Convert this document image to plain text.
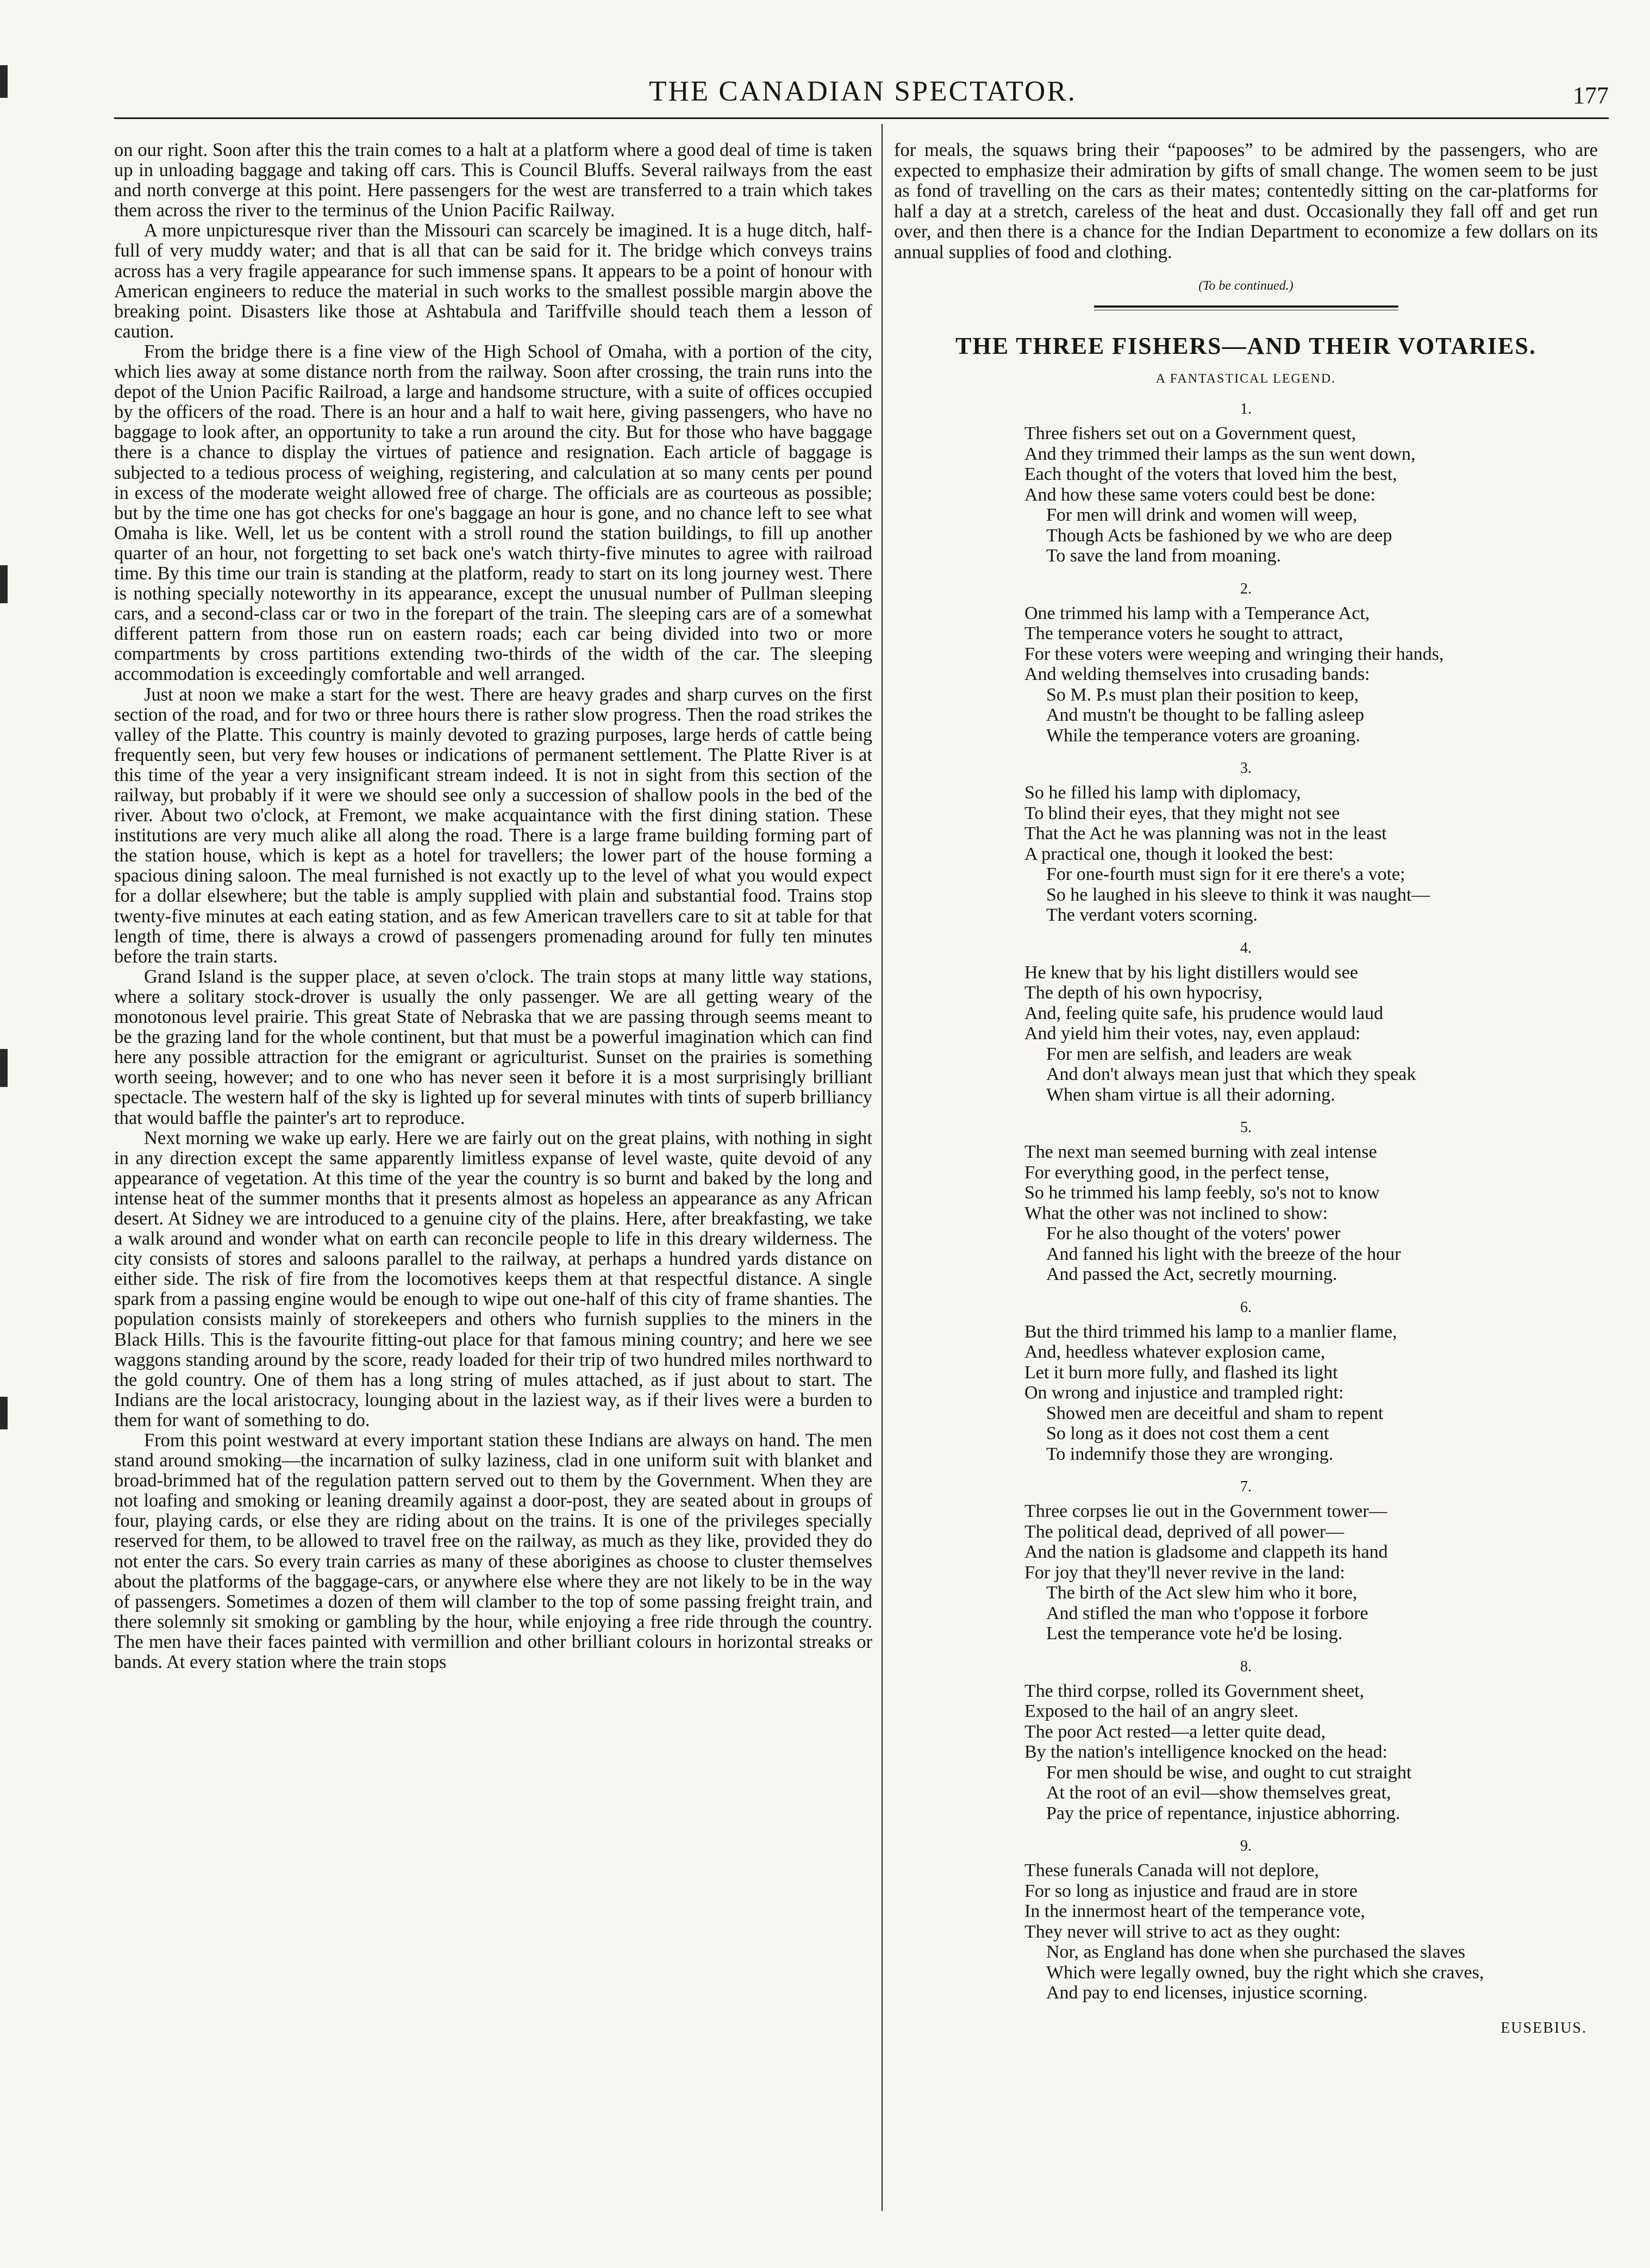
THE CANADIAN SPECTATOR.	177

on our right. Soon after this the train comes to a halt at a platform where a good deal of time is taken up in unloading baggage and taking off cars. This is Council Bluffs. Several railways from the east and north converge at this point. Here passengers for the west are transferred to a train which takes them across the river to the terminus of the Union Pacific Railway.

A more unpicturesque river than the Missouri can scarcely be imagined. It is a huge ditch, half-full of very muddy water; and that is all that can be said for it. The bridge which conveys trains across has a very fragile appearance for such immense spans. It appears to be a point of honour with American engineers to reduce the material in such works to the smallest possible margin above the breaking point. Disasters like those at Ashtabula and Tariffville should teach them a lesson of caution.

From the bridge there is a fine view of the High School of Omaha, with a portion of the city, which lies away at some distance north from the railway. Soon after crossing, the train runs into the depot of the Union Pacific Railroad, a large and handsome structure, with a suite of offices occupied by the officers of the road. There is an hour and a half to wait here, giving passengers, who have no baggage to look after, an opportunity to take a run around the city. But for those who have baggage there is a chance to display the virtues of patience and resignation. Each article of baggage is subjected to a tedious process of weighing, registering, and calculation at so many cents per pound in excess of the moderate weight allowed free of charge. The officials are as courteous as possible; but by the time one has got checks for one's baggage an hour is gone, and no chance left to see what Omaha is like. Well, let us be content with a stroll round the station buildings, to fill up another quarter of an hour, not forgetting to set back one's watch thirty-five minutes to agree with railroad time. By this time our train is standing at the platform, ready to start on its long journey west. There is nothing specially noteworthy in its appearance, except the unusual number of Pullman sleeping cars, and a second-class car or two in the forepart of the train. The sleeping cars are of a somewhat different pattern from those run on eastern roads; each car being divided into two or more compartments by cross partitions extending two-thirds of the width of the car. The sleeping accommodation is exceedingly comfortable and well arranged.

Just at noon we make a start for the west. There are heavy grades and sharp curves on the first section of the road, and for two or three hours there is rather slow progress. Then the road strikes the valley of the Platte. This country is mainly devoted to grazing purposes, large herds of cattle being frequently seen, but very few houses or indications of permanent settlement. The Platte River is at this time of the year a very insignificant stream indeed. It is not in sight from this section of the railway, but probably if it were we should see only a succession of shallow pools in the bed of the river. About two o'clock, at Fremont, we make acquaintance with the first dining station. These institutions are very much alike all along the road. There is a large frame building forming part of the station house, which is kept as a hotel for travellers; the lower part of the house forming a spacious dining saloon. The meal furnished is not exactly up to the level of what you would expect for a dollar elsewhere; but the table is amply supplied with plain and substantial food. Trains stop twenty-five minutes at each eating station, and as few American travellers care to sit at table for that length of time, there is always a crowd of passengers promenading around for fully ten minutes before the train starts.

Grand Island is the supper place, at seven o'clock. The train stops at many little way stations, where a solitary stock-drover is usually the only passenger. We are all getting weary of the monotonous level prairie. This great State of Nebraska that we are passing through seems meant to be the grazing land for the whole continent, but that must be a powerful imagination which can find here any possible attraction for the emigrant or agriculturist. Sunset on the prairies is something worth seeing, however; and to one who has never seen it before it is a most surprisingly brilliant spectacle. The western half of the sky is lighted up for several minutes with tints of superb brilliancy that would baffle the painter's art to reproduce.

Next morning we wake up early. Here we are fairly out on the great plains, with nothing in sight in any direction except the same apparently limitless expanse of level waste, quite devoid of any appearance of vegetation. At this time of the year the country is so burnt and baked by the long and intense heat of the summer months that it presents almost as hopeless an appearance as any African desert. At Sidney we are introduced to a genuine city of the plains. Here, after breakfasting, we take a walk around and wonder what on earth can reconcile people to life in this dreary wilderness. The city consists of stores and saloons parallel to the railway, at perhaps a hundred yards distance on either side. The risk of fire from the locomotives keeps them at that respectful distance. A single spark from a passing engine would be enough to wipe out one-half of this city of frame shanties. The population consists mainly of storekeepers and others who furnish supplies to the miners in the Black Hills. This is the favourite fitting-out place for that famous mining country; and here we see waggons standing around by the score, ready loaded for their trip of two hundred miles northward to the gold country. One of them has a long string of mules attached, as if just about to start. The Indians are the local aristocracy, lounging about in the laziest way, as if their lives were a burden to them for want of something to do.

From this point westward at every important station these Indians are always on hand. The men stand around smoking—the incarnation of sulky laziness, clad in one uniform suit with blanket and broad-brimmed hat of the regulation pattern served out to them by the Government. When they are not loafing and smoking or leaning dreamily against a door-post, they are seated about in groups of four, playing cards, or else they are riding about on the trains. It is one of the privileges specially reserved for them, to be allowed to travel free on the railway, as much as they like, provided they do not enter the cars. So every train carries as many of these aborigines as choose to cluster themselves about the platforms of the baggage-cars, or anywhere else where they are not likely to be in the way of passengers. Sometimes a dozen of them will clamber to the top of some passing freight train, and there solemnly sit smoking or gambling by the hour, while enjoying a free ride through the country. The men have their faces painted with vermillion and other brilliant colours in horizontal streaks or bands. At every station where the train stops

for meals, the squaws bring their “papooses” to be admired by the passengers, who are expected to emphasize their admiration by gifts of small change. The women seem to be just as fond of travelling on the cars as their mates; contentedly sitting on the car-platforms for half a day at a stretch, careless of the heat and dust. Occasionally they fall off and get run over, and then there is a chance for the Indian Department to economize a few dollars on its annual supplies of food and clothing.

(To be continued.)
THE THREE FISHERS—AND THEIR VOTARIES.
A FANTASTICAL LEGEND.
1.
Three fishers set out on a Government quest,
And they trimmed their lamps as the sun went down,
Each thought of the voters that loved him the best,
And how these same voters could best be done:
For men will drink and women will weep,
Though Acts be fashioned by we who are deep
To save the land from moaning.
2.
One trimmed his lamp with a Temperance Act,
The temperance voters he sought to attract,
For these voters were weeping and wringing their hands,
And welding themselves into crusading bands:
So M. P.s must plan their position to keep,
And mustn't be thought to be falling asleep
While the temperance voters are groaning.
3.
So he filled his lamp with diplomacy,
To blind their eyes, that they might not see
That the Act he was planning was not in the least
A practical one, though it looked the best:
For one-fourth must sign for it ere there's a vote;
So he laughed in his sleeve to think it was naught—
The verdant voters scorning.
4.
He knew that by his light distillers would see
The depth of his own hypocrisy,
And, feeling quite safe, his prudence would laud
And yield him their votes, nay, even applaud:
For men are selfish, and leaders are weak
And don't always mean just that which they speak
When sham virtue is all their adorning.
5.
The next man seemed burning with zeal intense
For everything good, in the perfect tense,
So he trimmed his lamp feebly, so's not to know
What the other was not inclined to show:
For he also thought of the voters' power
And fanned his light with the breeze of the hour
And passed the Act, secretly mourning.
6.
But the third trimmed his lamp to a manlier flame,
And, heedless whatever explosion came,
Let it burn more fully, and flashed its light
On wrong and injustice and trampled right:
Showed men are deceitful and sham to repent
So long as it does not cost them a cent
To indemnify those they are wronging.
7.
Three corpses lie out in the Government tower—
The political dead, deprived of all power—
And the nation is gladsome and clappeth its hand
For joy that they'll never revive in the land:
The birth of the Act slew him who it bore,
And stifled the man who t'oppose it forbore
Lest the temperance vote he'd be losing.
8.
The third corpse, rolled its Government sheet,
Exposed to the hail of an angry sleet.
The poor Act rested—a letter quite dead,
By the nation's intelligence knocked on the head:
For men should be wise, and ought to cut straight
At the root of an evil—show themselves great,
Pay the price of repentance, injustice abhorring.
9.
These funerals Canada will not deplore,
For so long as injustice and fraud are in store
In the innermost heart of the temperance vote,
They never will strive to act as they ought:
Nor, as England has done when she purchased the slaves
Which were legally owned, buy the right which she craves,
And pay to end licenses, injustice scorning.
EUSEBIUS.
